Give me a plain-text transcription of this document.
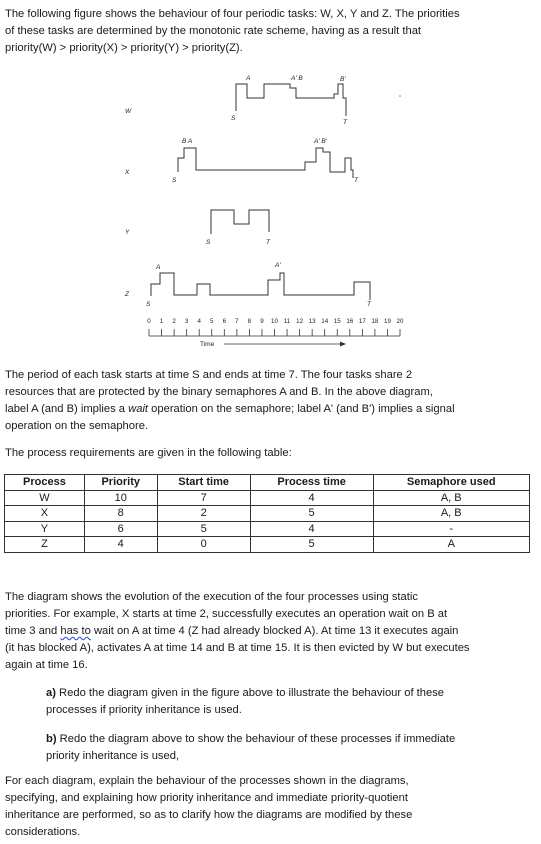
The following figure shows the behaviour of four periodic tasks: W, X, Y and Z. The priorities
of these tasks are determined by the monotonic rate scheme, having as a result that
priority(W) > priority(X) > priority(Y) > priority(Z).

W
X
Y
Z
A	A' B	B'
S
T
B A	A' B'
S	T
S	T
A	A'
S	T
0 1 2 3 4 5 6 7 8 9 10 11 12 13 14 15 16 17 18 19 20
Time

The period of each task starts at time S and ends at time 7. The four tasks share 2
resources that are protected by the binary semaphores A and B. In the above diagram,
label A (and B) implies a wait operation on the semaphore; label A' (and B') implies a signal
operation on the semaphore.

The process requirements are given in the following table:

Process	Priority	Start time	Process time	Semaphore used
W	10	7	4	A, B
X	8	2	5	A, B
Y	6	5	4	-
Z	4	0	5	A

The diagram shows the evolution of the execution of the four processes using static
priorities. For example, X starts at time 2, successfully executes an operation wait on B at
time 3 and has to wait on A at time 4 (Z had already blocked A). At time 13 it executes again
(it has blocked A), activates A at time 14 and B at time 15. It is then evicted by W but executes
again at time 16.

a) Redo the diagram given in the figure above to illustrate the behaviour of these
processes if priority inheritance is used.

b) Redo the diagram above to show the behaviour of these processes if immediate
priority inheritance is used,

For each diagram, explain the behaviour of the processes shown in the diagrams,
specifying, and explaining how priority inheritance and immediate priority-quotient
inheritance are performed, so as to clarify how the diagrams are modified by these
considerations.
